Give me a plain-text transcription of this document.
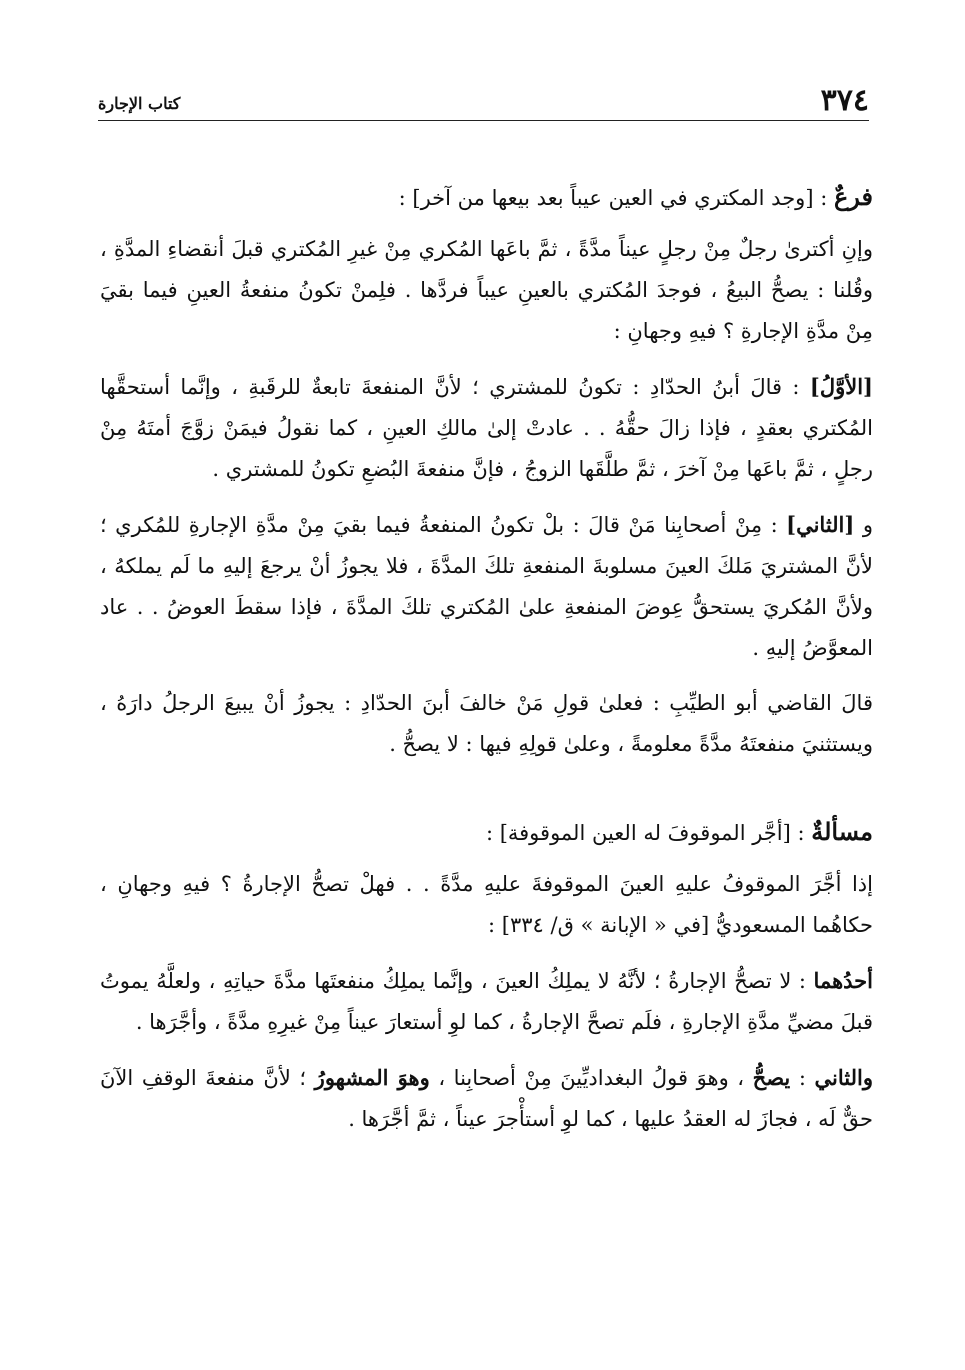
٣٧٤
كتاب الإجارة

فرعٌ : [وجد المكتري في العين عيباً بعد بيعها من آخر] :

وإنِ أكترىٰ رجلٌ مِنْ رجلٍ عيناً مدَّةً ، ثمَّ باعَها المُكري مِنْ غيرِ المُكتري قبلَ أنقضاءِ المدَّةِ ، وقُلنا : يصحُّ البيعُ ، فوجدَ المُكتري بالعينِ عيباً فردَّها . فلِمنْ تكونُ منفعةُ العينِ فيما بقيَ مِنْ مدَّةِ الإجارةِ ؟ فيهِ وجهانِ :

[الأوَّلُ] : قالَ أبنُ الحدّادِ : تكونُ للمشتري ؛ لأنَّ المنفعةَ تابعةٌ للرقَبةِ ، وإنَّما أستحقَّها المُكتري بعقدٍ ، فإذا زالَ حقُّهُ . . عادتْ إلىٰ مالكِ العينِ ، كما نقولُ فيمَنْ زوَّجَ أمتَهُ مِنْ رجلٍ ، ثمَّ باعَها مِنْ آخرَ ، ثمَّ طلَّقَها الزوجُ ، فإنَّ منفعةَ البُضعِ تكونُ للمشتري .

و [الثاني] : مِنْ أصحابِنا مَنْ قالَ : بلْ تكونُ المنفعةُ فيما بقيَ مِنْ مدَّةِ الإجارةِ للمُكري ؛ لأنَّ المشتريَ مَلكَ العينَ مسلوبةَ المنفعةِ تلكَ المدَّةَ ، فلا يجوزُ أنْ يرجعَ إليهِ ما لَم يملكهُ ، ولأنَّ المُكريَ يستحقُّ عِوضَ المنفعةِ علىٰ المُكتري تلكَ المدَّةَ ، فإذا سقطَ العوضُ . . عاد المعوَّضُ إليهِ .

قالَ القاضي أبو الطيِّبِ : فعلىٰ قولِ مَنْ خالفَ أبنَ الحدّادِ : يجوزُ أنْ يبيعَ الرجلُ دارَهُ ، ويستثنيَ منفعتَهُ مدَّةً معلومةً ، وعلىٰ قولِهِ فيها : لا يصحُّ .

مسألةٌ : [أجَّر الموقوفَ له العين الموقوفة] :

إذا أجَّرَ الموقوفُ عليهِ العينَ الموقوفةَ عليهِ مدَّةً . . فهلْ تصحُّ الإجارةُ ؟ فيهِ وجهانِ ، حكاهُما المسعوديُّ [في « الإبانة » ق/ ٣٣٤] :

أحدُهما : لا تصحُّ الإجارةُ ؛ لأنَّهُ لا يملِكُ العينَ ، وإنَّما يملِكُ منفعتَها مدَّةَ حياتِهِ ، ولعلَّهُ يموتُ قبلَ مضيِّ مدَّةِ الإجارةِ ، فلَم تصحَّ الإجارةُ ، كما لوِ أستعارَ عيناً مِنْ غيرِهِ مدَّةً ، وأجَّرَها .

والثاني : يصحُّ ، وهوَ قولُ البغداديِّينَ مِنْ أصحابِنا ، وهوَ المشهورُ ؛ لأنَّ منفعةَ الوقفِ الآنَ حقٌّ لَه ، فجازَ له العقدُ عليها ، كما لوِ أستأْجرَ عيناً ، ثمَّ أجَّرَها .
